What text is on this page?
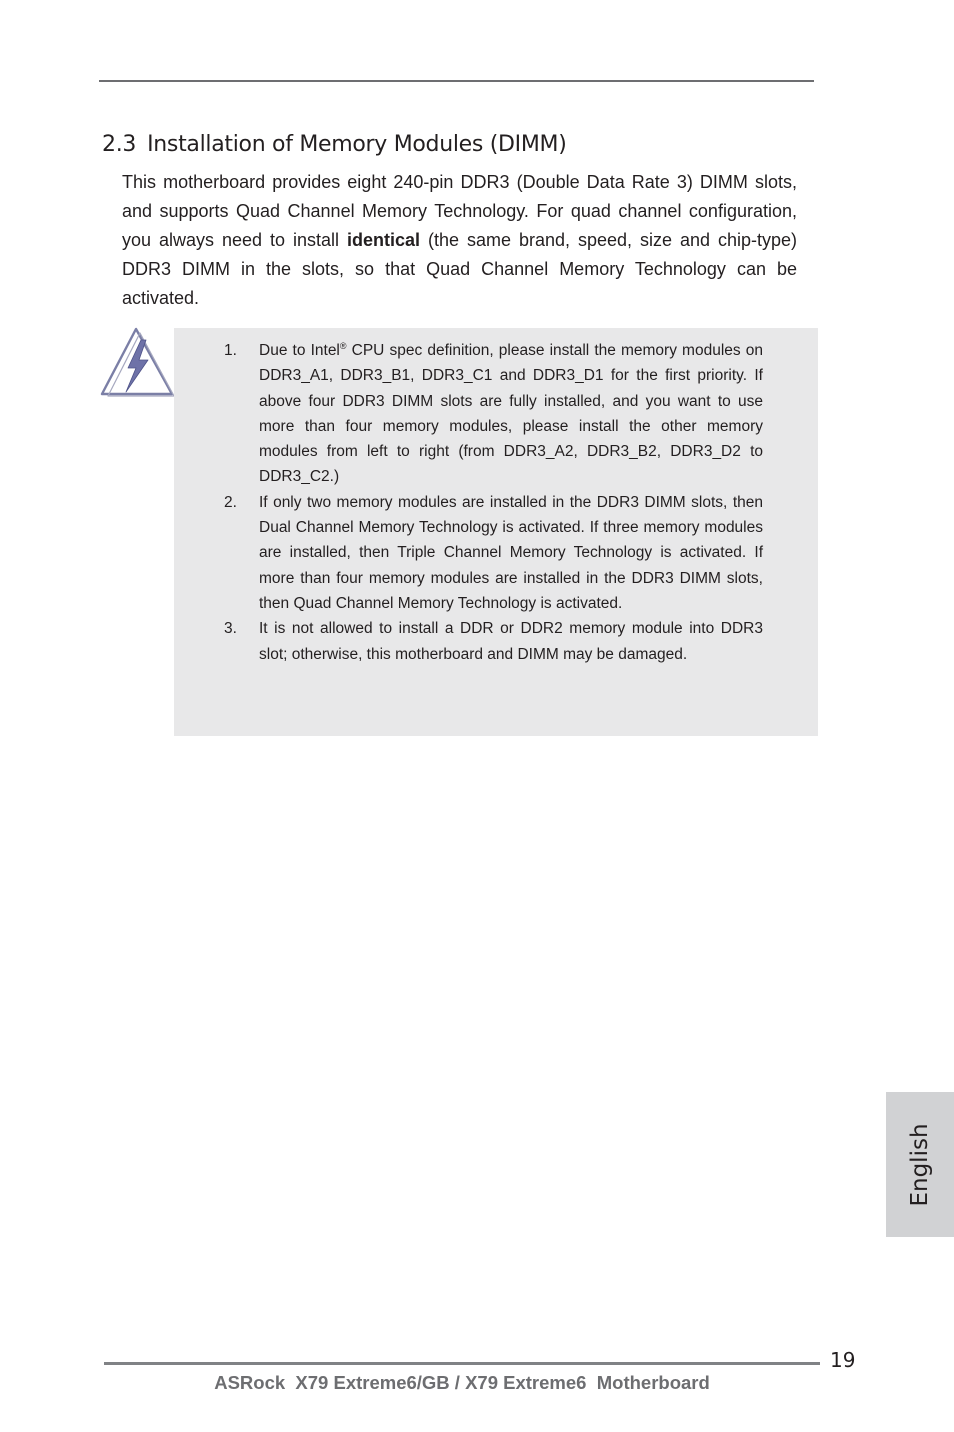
2.3 Installation of Memory Modules (DIMM)

This motherboard provides eight 240-pin DDR3 (Double Data Rate 3) DIMM slots, and supports Quad Channel Memory Technology. For quad channel configuration, you always need to install identical (the same brand, speed, size and chip-type) DDR3 DIMM in the slots, so that Quad Channel Memory Technology can be activated.

1. Due to Intel® CPU spec definition, please install the memory modules on DDR3_A1, DDR3_B1, DDR3_C1 and DDR3_D1 for the first priority. If above four DDR3 DIMM slots are fully installed, and you want to use more than four memory modules, please install the other memory modules from left to right (from DDR3_A2, DDR3_B2, DDR3_D2 to DDR3_C2.)
2. If only two memory modules are installed in the DDR3 DIMM slots, then Dual Channel Memory Technology is activated. If three memory modules are installed, then Triple Channel Memory Technology is activated. If more than four memory modules are installed in the DDR3 DIMM slots, then Quad Channel Memory Technology is activated.
3. It is not allowed to install a DDR or DDR2 memory module into DDR3 slot; otherwise, this motherboard and DIMM may be damaged.
English
19
ASRock  X79 Extreme6/GB / X79 Extreme6  Motherboard
